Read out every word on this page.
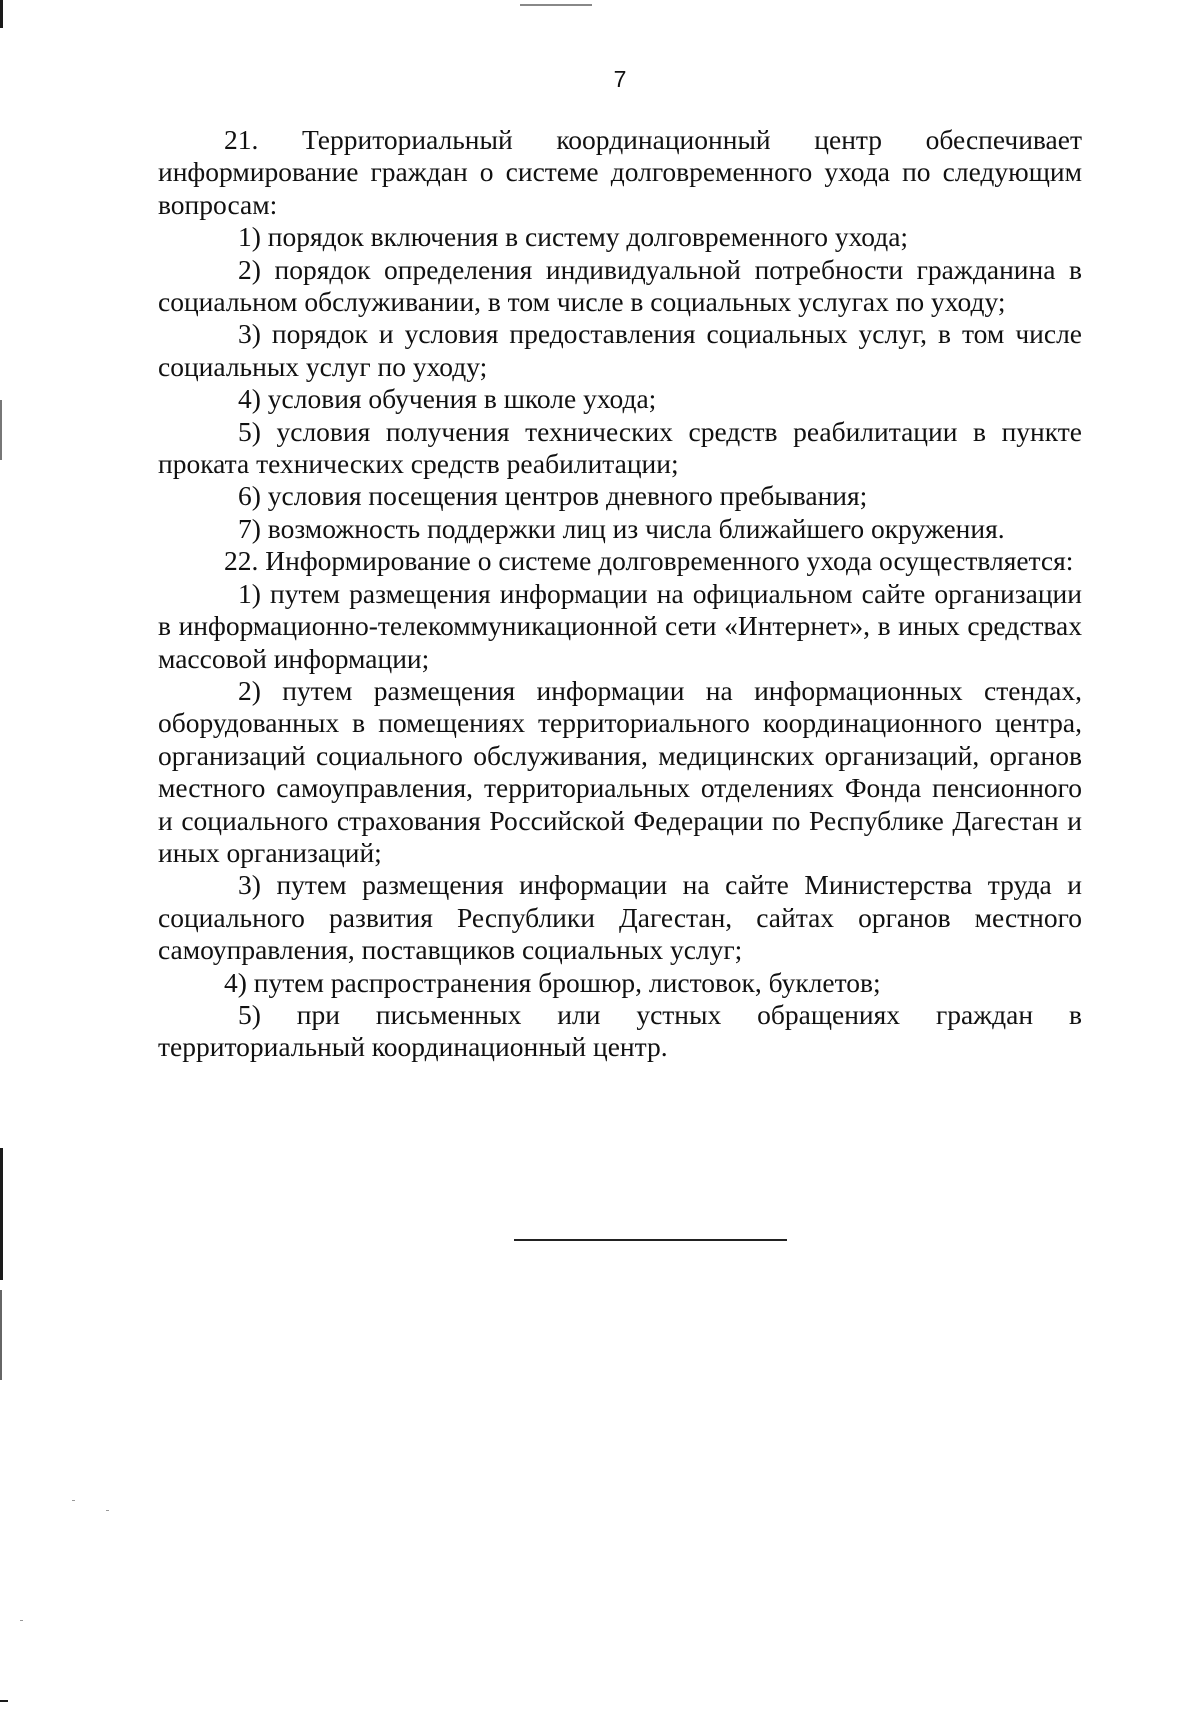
7

21. Территориальный координационный центр обеспечивает информирование граждан о системе долговременного ухода по следующим вопросам:

1) порядок включения в систему долговременного ухода;

2) порядок определения индивидуальной потребности гражданина в социальном обслуживании, в том числе в социальных услугах по уходу;

3) порядок и условия предоставления социальных услуг, в том числе социальных услуг по уходу;

4) условия обучения в школе ухода;

5) условия получения технических средств реабилитации в пункте проката технических средств реабилитации;

6) условия посещения центров дневного пребывания;

7) возможность поддержки лиц из числа ближайшего окружения.

22. Информирование о системе долговременного ухода осуществляется:

1) путем размещения информации на официальном сайте организации в информационно-телекоммуникационной сети «Интернет», в иных средствах массовой информации;

2) путем размещения информации на информационных стендах, оборудованных в помещениях территориального координационного центра, организаций социального обслуживания, медицинских организаций, органов местного самоуправления, территориальных отделениях Фонда пенсионного и социального страхования Российской Федерации по Республике Дагестан и иных организаций;

3) путем размещения информации на сайте Министерства труда и социального развития Республики Дагестан, сайтах органов местного самоуправления, поставщиков социальных услуг;

4) путем распространения брошюр, листовок, буклетов;

5) при письменных или устных обращениях граждан в территориальный координационный центр.
